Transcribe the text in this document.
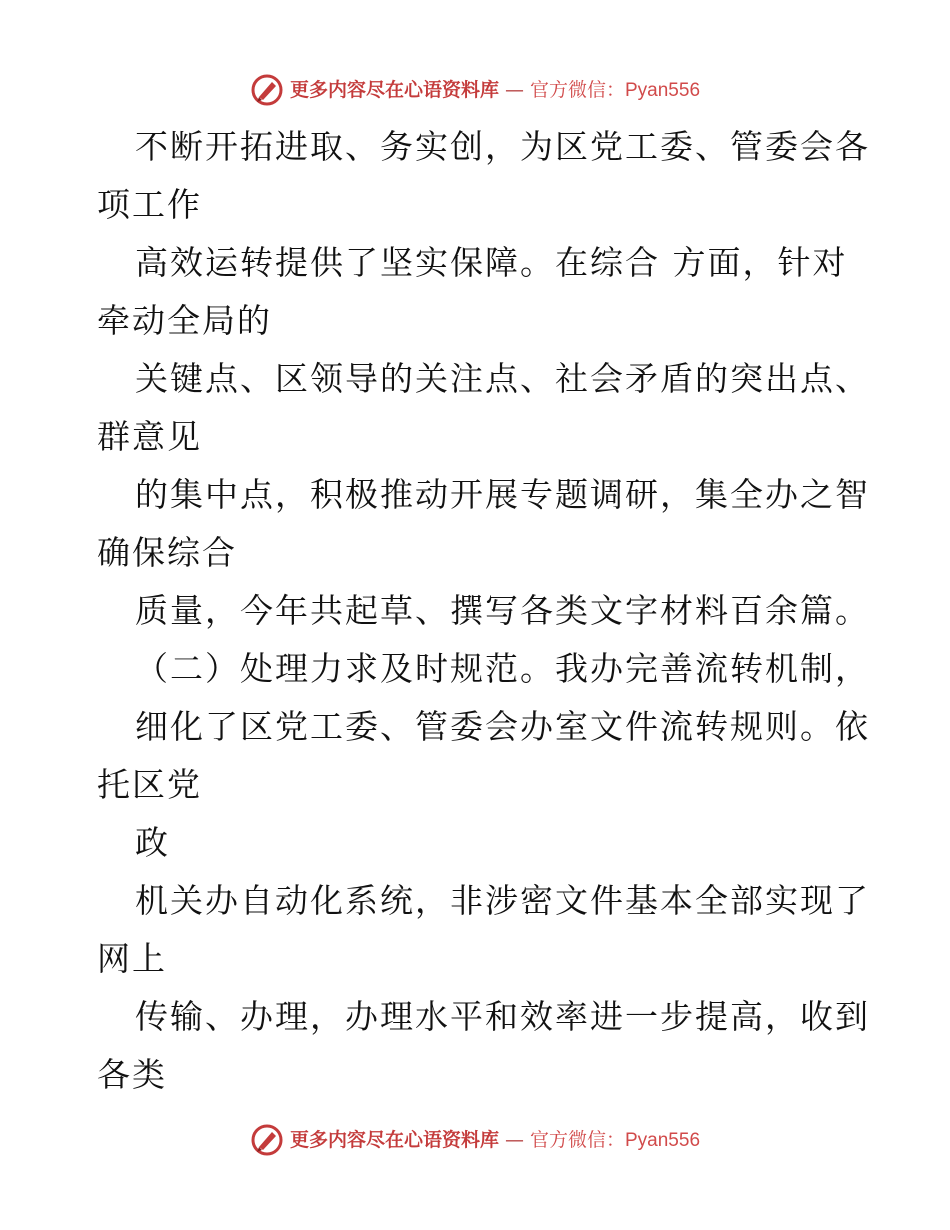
更多内容尽在心语资料库 — 官方微信：Pyan556
不断开拓进取、务实创，为区党工委、管委会各
项工作
高效运转提供了坚实保障。在综合 方面，针对
牵动全局的
关键点、区领导的关注点、社会矛盾的突出点、
群意见
的集中点，积极推动开展专题调研，集全办之智
确保综合
质量，今年共起草、撰写各类文字材料百余篇。
（二）处理力求及时规范。我办完善流转机制，
细化了区党工委、管委会办室文件流转规则。依
托区党
政
机关办自动化系统，非涉密文件基本全部实现了
网上
传输、办理，办理水平和效率进一步提高，收到
各类
更多内容尽在心语资料库 — 官方微信：Pyan556
